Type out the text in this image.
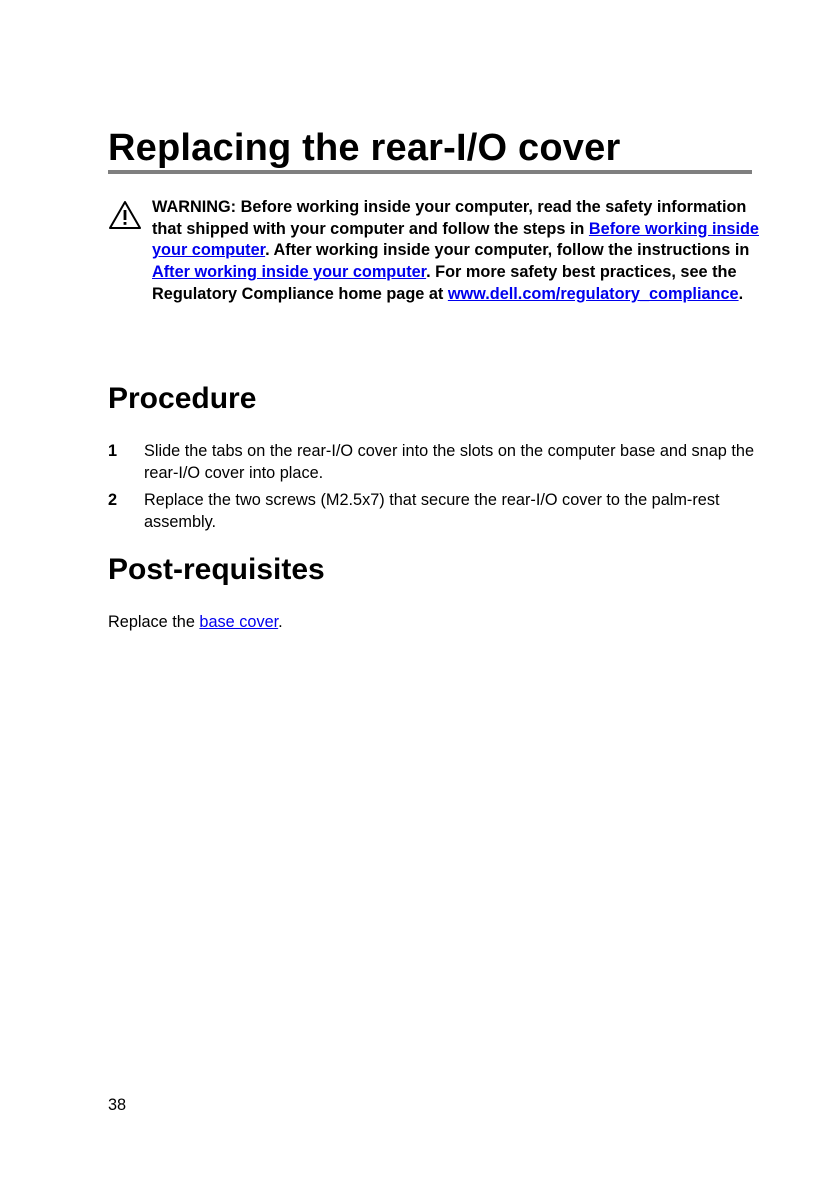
Replacing the rear-I/O cover

WARNING: Before working inside your computer, read the safety information that shipped with your computer and follow the steps in Before working inside your computer. After working inside your computer, follow the instructions in After working inside your computer. For more safety best practices, see the Regulatory Compliance home page at www.dell.com/regulatory_compliance.

Procedure
1 Slide the tabs on the rear-I/O cover into the slots on the computer base and snap the rear-I/O cover into place.
2 Replace the two screws (M2.5x7) that secure the rear-I/O cover to the palm-rest assembly.
Post-requisites

Replace the base cover.

38
